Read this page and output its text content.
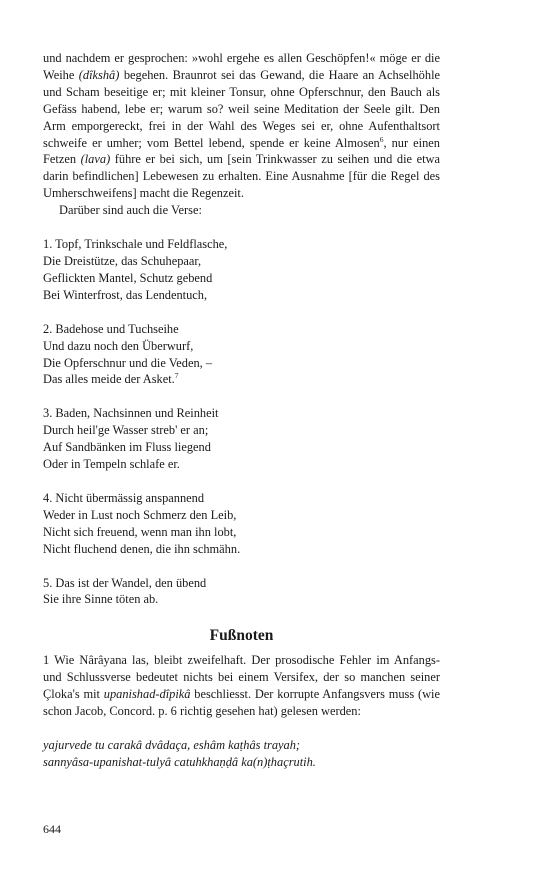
und nachdem er gesprochen: »wohl ergehe es allen Geschöpfen!« möge er die Weihe (dîkshâ) begehen. Braunrot sei das Gewand, die Haare an Achselhöhle und Scham beseitige er; mit kleiner Tonsur, ohne Opferschnur, den Bauch als Gefäss habend, lebe er; warum so? weil seine Meditation der Seele gilt. Den Arm emporgereckt, frei in der Wahl des Weges sei er, ohne Aufenthaltsort schweife er umher; vom Bettel lebend, spende er keine Almosen$^6$, nur einen Fetzen (lava) führe er bei sich, um [sein Trinkwasser zu seihen und die etwa darin befindlichen] Lebewesen zu erhalten. Eine Ausnahme [für die Regel des Umherschweifens] macht die Regenzeit.

Darüber sind auch die Verse:

1. Topf, Trinkschale und Feldflasche,
Die Dreistütze, das Schuhepaar,
Geflickten Mantel, Schutz gebend
Bei Winterfrost, das Lendentuch,
2. Badehose und Tuchseihe
Und dazu noch den Überwurf,
Die Opferschnur und die Veden, –
Das alles meide der Asket.$^7$
3. Baden, Nachsinnen und Reinheit
Durch heil'ge Wasser streb' er an;
Auf Sandbänken im Fluss liegend
Oder in Tempeln schlafe er.
4. Nicht übermässig anspannend
Weder in Lust noch Schmerz den Leib,
Nicht sich freuend, wenn man ihn lobt,
Nicht fluchend denen, die ihn schmähn.
5. Das ist der Wandel, den übend
Sie ihre Sinne töten ab.
Fußnoten

1 Wie Nârâyana las, bleibt zweifelhaft. Der prosodische Fehler im Anfangs- und Schlussverse bedeutet nichts bei einem Versifex, der so manchen seiner Çloka's mit upanishad-dîpikâ beschliesst. Der korrupte Anfangsvers muss (wie schon Jacob, Concord. p. 6 richtig gesehen hat) gelesen werden:

yajurvede tu carakâ dvâdaça, eshâm kaṭhâs trayah;
sannyâsa-upanishat-tulyâ catuhkhaṇḍâ ka(n)ṭhaçrutih.
644
